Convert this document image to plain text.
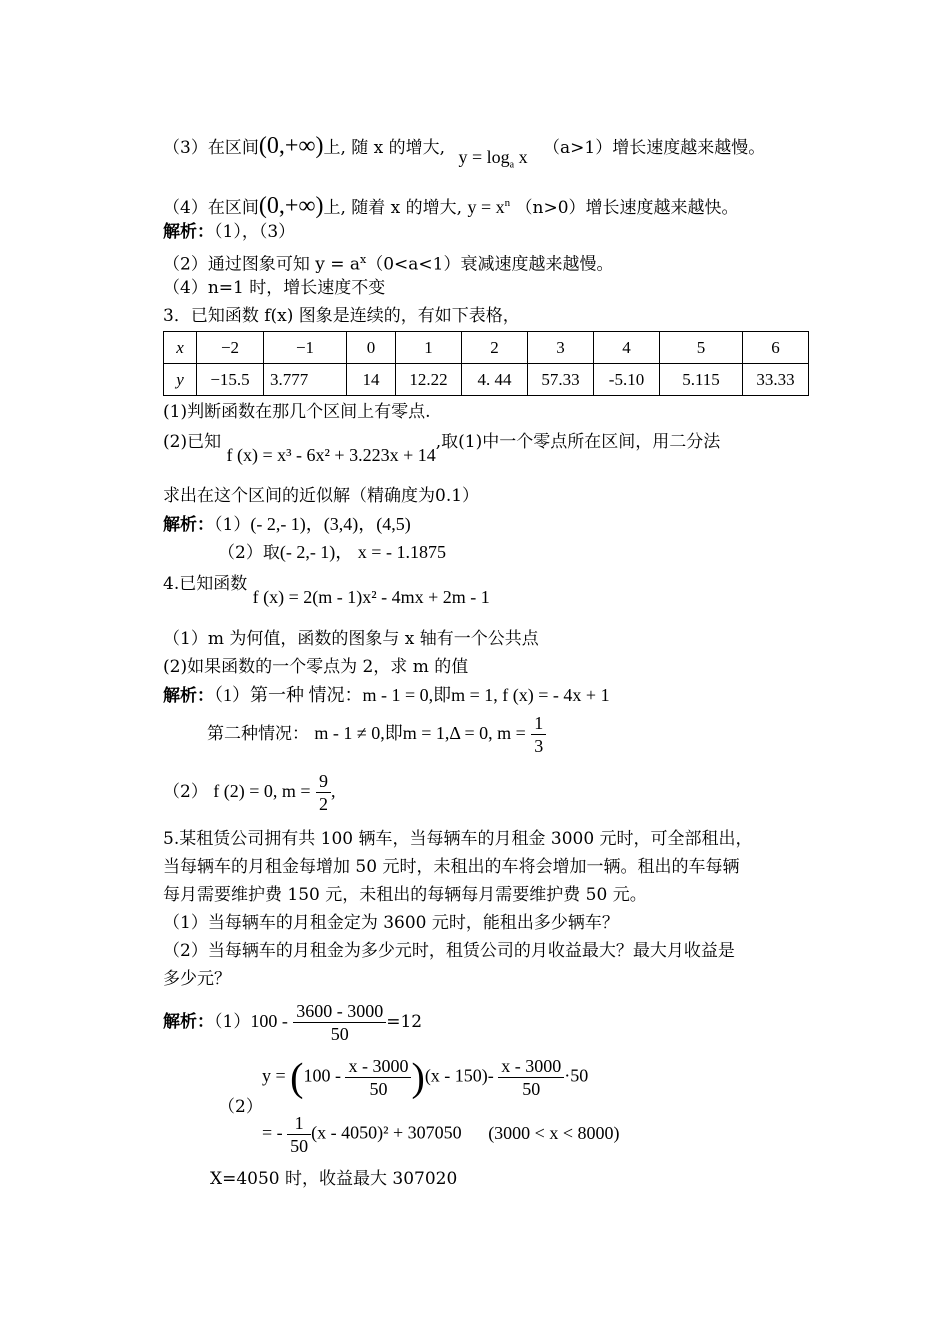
（3）在区间(0,+∞)上, 随 x 的增大, $y = \log_a x$ （a>1）增长速度越来越慢。
（4）在区间(0,+∞)上, 随着 x 的增大, $y = x^n$ （n>0）增长速度越来越快。
解析：（1），（3）
（2）通过图象可知 $y = a^x(0<a<1)$衰减速度越来越慢。
（4）n=1 时，增长速度不变
3．已知函数 f(x) 图象是连续的，有如下表格，
x	−2	−1	0	1	2	3	4	5	6
y	−15.5	3.777	14	12.22	4. 44	57.33	-5.10	5.115	33.33
(1)判断函数在那几个区间上有零点.
(2)已知 f (x) = x³ - 6x² + 3.223x + 14,取(1)中一个零点所在区间，用二分法
求出在这个区间的近似解（精确度为0.1）
解析：（1）(- 2,- 1)，(3,4)，(4,5)
（2）取(- 2,- 1)， x = - 1.1875
4.已知函数 f (x) = 2(m - 1)x² - 4mx + 2m - 1
（1）m 为何值，函数的图象与 x 轴有一个公共点
(2)如果函数的一个零点为 2，求 m 的值
解析：（1）第一种 情况：m - 1 = 0,即m = 1, f (x) = - 4x + 1
第二种情况： m - 1 ≠ 0,即m = 1,Δ = 0, $m = \frac{1}{3}$
（2） f (2) = 0, $m = \frac{9}{2}$ ,
5.某租赁公司拥有共 100 辆车，当每辆车的月租金 3000 元时，可全部租出，
当每辆车的月租金每增加 50 元时，未租出的车将会增加一辆。租出的车每辆
每月需要维护费 150 元，未租出的每辆每月需要维护费 50 元。
（1）当每辆车的月租金定为 3600 元时，能租出多少辆车？
（2）当每辆车的月租金为多少元时，租赁公司的月收益最大？最大月收益是
多少元？
解析：$(1)100 - \frac{3600 - 3000}{50} =12$
（2）
$y = (100 - \frac{x - 3000}{50} )(x - 150)- \frac{x - 3000}{50} \cdot 50$
= - $\frac{1}{50} (x - 4050)^2 + 307050$ (3000 < x < 8000)
X=4050 时，收益最大 307020
